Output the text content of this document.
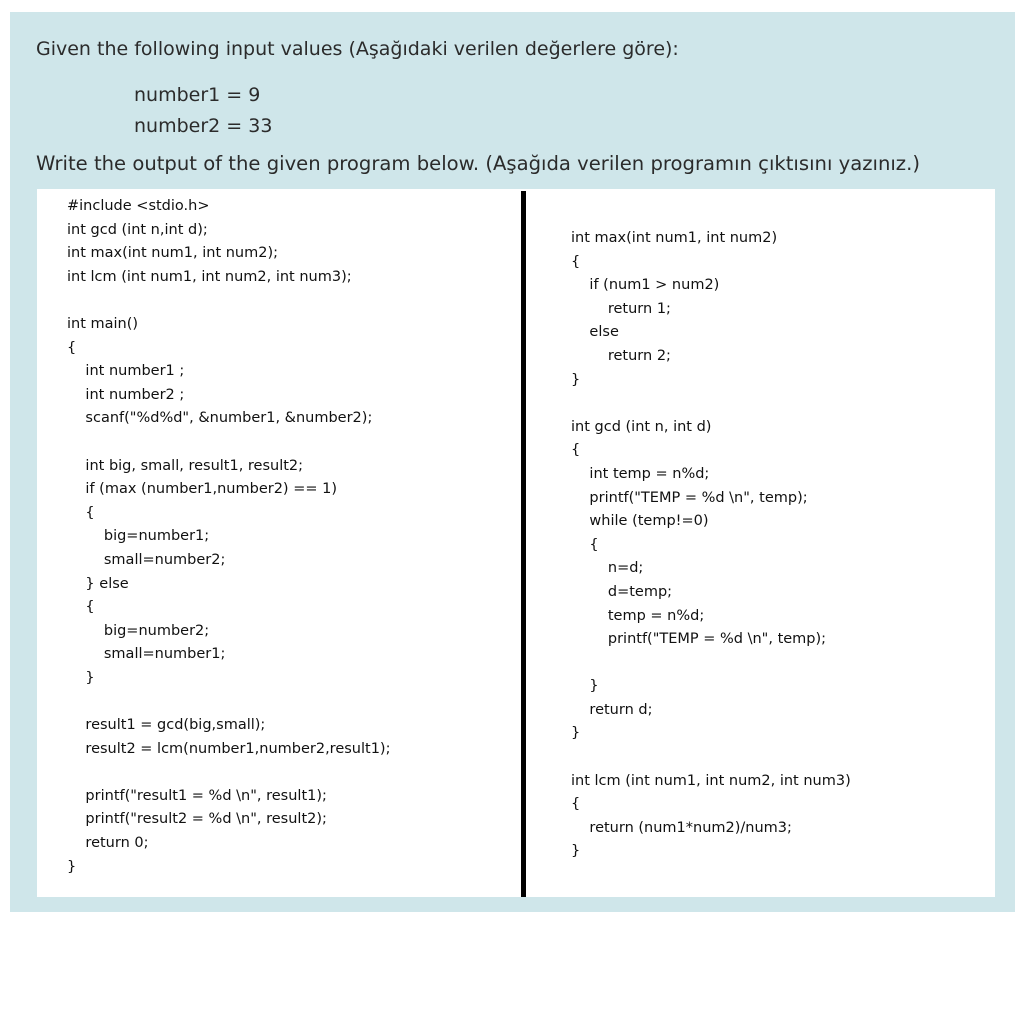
Given the following input values (Aşağıdaki verilen değerlere göre):
number1 = 9
number2 = 33
Write the output of the given program below. (Aşağıda verilen programın çıktısını yazınız.)
#include <stdio.h>
int gcd (int n,int d);
int max(int num1, int num2);
int lcm (int num1, int num2, int num3);

int main()
{
int number1 ;
int number2 ;
scanf("%d%d", &number1, &number2);

int big, small, result1, result2;
if (max (number1,number2) == 1)
{
big=number1;
small=number2;
} else
{
big=number2;
small=number1;
}

result1 = gcd(big,small);
result2 = lcm(number1,number2,result1);

printf("result1 = %d \n", result1);
printf("result2 = %d \n", result2);
return 0;
}
int max(int num1, int num2)
{
if (num1 > num2)
return 1;
else
return 2;
}

int gcd (int n, int d)
{
int temp = n%d;
printf("TEMP = %d \n", temp);
while (temp!=0)
{
n=d;
d=temp;
temp = n%d;
printf("TEMP = %d \n", temp);

}
return d;
}

int lcm (int num1, int num2, int num3)
{
return (num1*num2)/num3;
}
